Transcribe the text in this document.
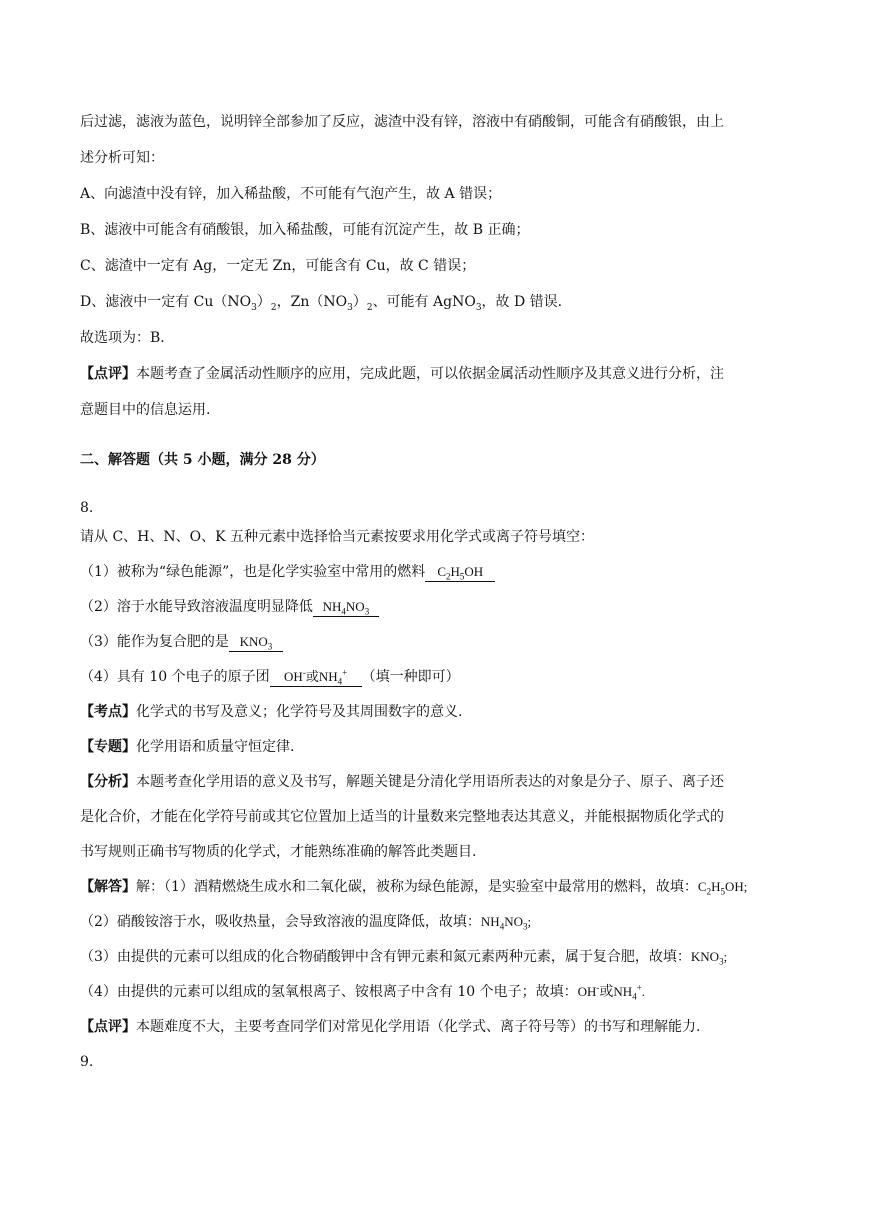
后过滤，滤液为蓝色，说明锌全部参加了反应，滤渣中没有锌，溶液中有硝酸铜，可能含有硝酸银，由上
述分析可知：
A、向滤渣中没有锌，加入稀盐酸，不可能有气泡产生，故 A 错误；
B、滤液中可能含有硝酸银，加入稀盐酸，可能有沉淀产生，故 B 正确；
C、滤渣中一定有 Ag，一定无 Zn，可能含有 Cu，故 C 错误；
D、滤液中一定有 $Cu(NO_3)_2$，$Zn(NO_3)_2$、可能有 AgNO$_3$，故 D 错误.
故选项为：B.
【点评】本题考查了金属活动性顺序的应用，完成此题，可以依据金属活动性顺序及其意义进行分析，注
意题目中的信息运用.
二、解答题（共 5 小题，满分 28 分）
8.
请从 C、H、N、O、K 五种元素中选择恰当元素按要求用化学式或离子符号填空：
（1）被称为“绿色能源”，也是化学实验室中常用的燃料 $C_2H_5OH$
（2）溶于水能导致溶液温度明显降低 $NH_4NO_3$
（3）能作为复合肥的是 $KNO_3$
（4）具有 10 个电子的原子团 OH-或$NH_4^+$ （填一种即可）
【考点】化学式的书写及意义；化学符号及其周围数字的意义.
【专题】化学用语和质量守恒定律.
【分析】本题考查化学用语的意义及书写，解题关键是分清化学用语所表达的对象是分子、原子、离子还
是化合价，才能在化学符号前或其它位置加上适当的计量数来完整地表达其意义，并能根据物质化学式的
书写规则正确书写物质的化学式，才能熟练准确的解答此类题目.
【解答】解：（1）酒精燃烧生成水和二氧化碳，被称为绿色能源，是实验室中最常用的燃料，故填：$C_2H_5OH$;
（2）硝酸铵溶于水，吸收热量，会导致溶液的温度降低，故填：$NH_4NO_3$;
（3）由提供的元素可以组成的化合物硝酸钾中含有钾元素和氮元素两种元素，属于复合肥，故填：$KNO_3$;
（4）由提供的元素可以组成的氢氧根离子、铵根离子中含有 10 个电子；故填：OH-或$NH_4^+$.
【点评】本题难度不大，主要考查同学们对常见化学用语（化学式、离子符号等）的书写和理解能力.
9.
